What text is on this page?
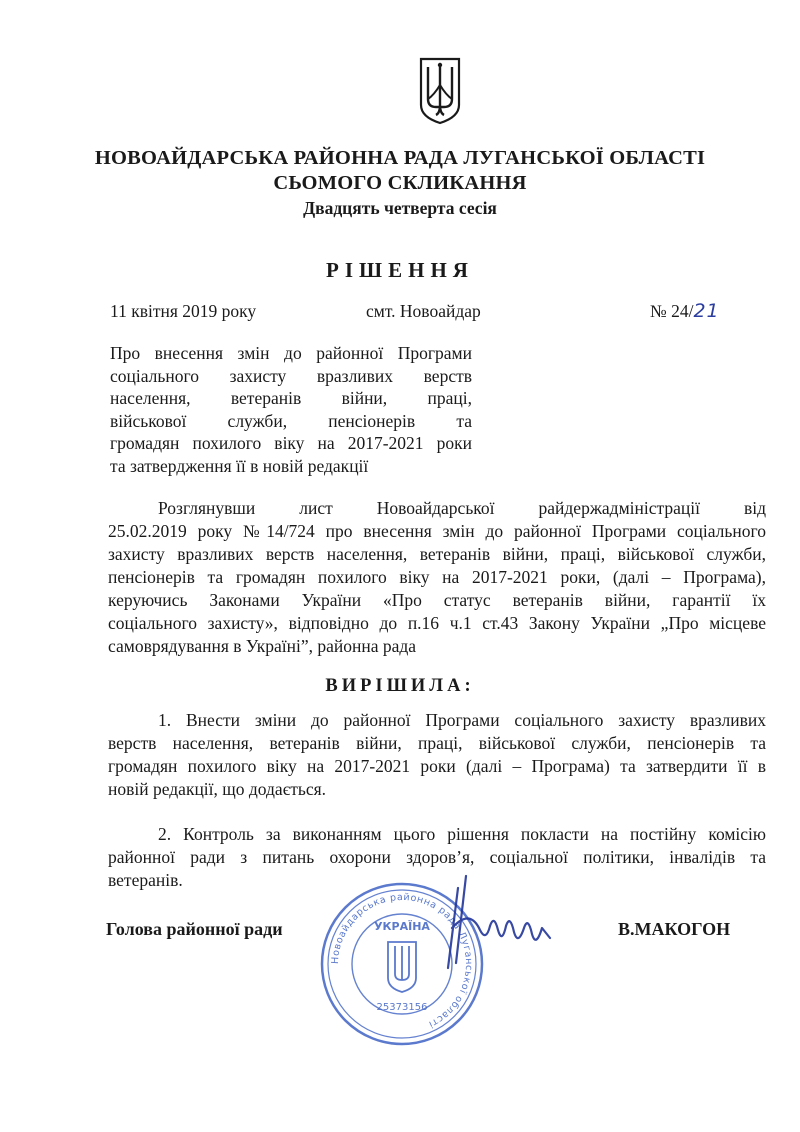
НОВОАЙДАРСЬКА РАЙОННА РАДА ЛУГАНСЬКОЇ ОБЛАСТІ
СЬОМОГО СКЛИКАННЯ
Двадцять четверта сесія
РІШЕННЯ
11 квітня 2019 року	смт. Новоайдар	№ 24/21
Про внесення змін до районної Програми
соціального захисту вразливих верств
населення, ветеранів війни, праці,
військової служби, пенсіонерів та
громадян похилого віку на 2017-2021 роки
та затвердження її в новій редакції
Розглянувши лист Новоайдарської райдержадміністрації від
25.02.2019 року №14/724 про внесення змін до районної Програми соціального
захисту вразливих верств населення, ветеранів війни, праці, військової служби,
пенсіонерів та громадян похилого віку на 2017-2021 роки, (далі – Програма),
керуючись Законами України «Про статус ветеранів війни, гарантії їх
соціального захисту», відповідно до п.16 ч.1 ст.43 Закону України „Про місцеве
самоврядування в Україні”, районна рада
ВИРІШИЛА:
1. Внести зміни до районної Програми соціального захисту вразливих
верств населення, ветеранів війни, праці, військової служби, пенсіонерів та
громадян похилого віку на 2017-2021 роки (далі – Програма) та затвердити її в
новій редакції, що додається.
2. Контроль за виконанням цього рішення покласти на постійну комісію
районної ради з питань охорони здоров’я, соціальної політики, інвалідів та
ветеранів.
Голова районної ради	В.МАКОГОН
Новоайдарська районна рада Луганської області
УКРАЇНА
25373156
